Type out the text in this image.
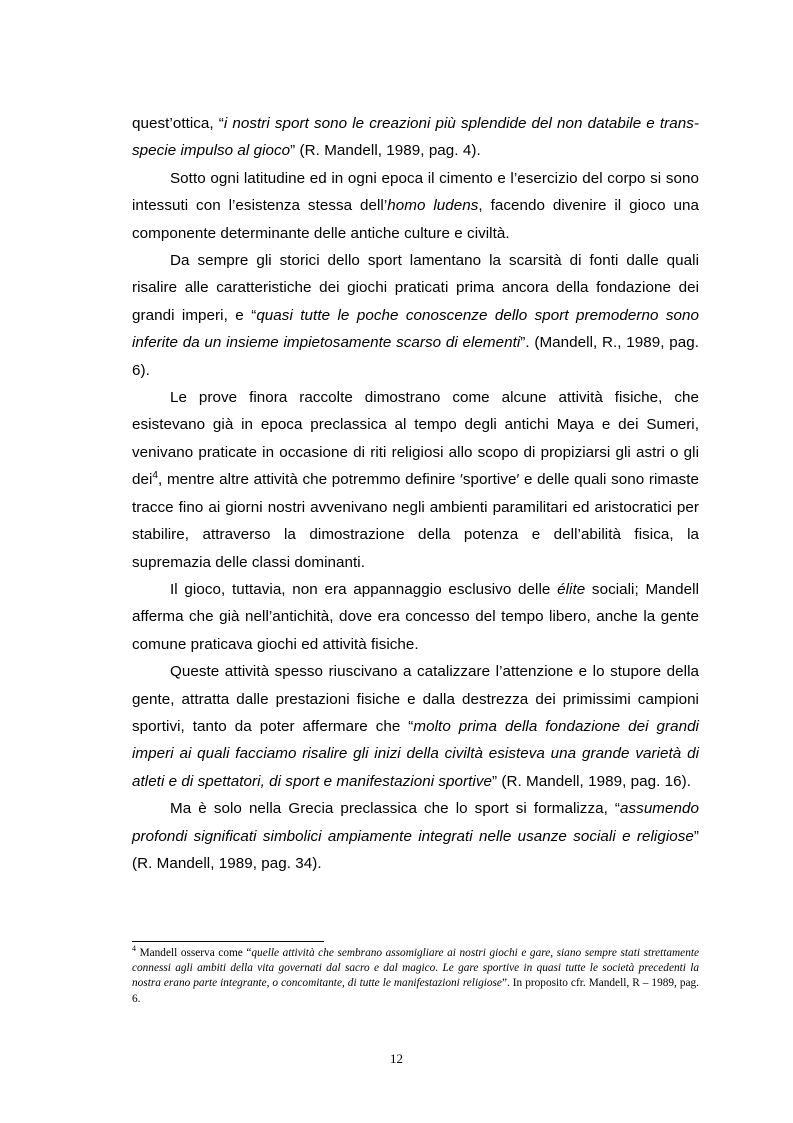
quest’ottica, “i nostri sport sono le creazioni più splendide del non databile e trans-specie impulso al gioco” (R. Mandell, 1989, pag. 4).

Sotto ogni latitudine ed in ogni epoca il cimento e l’esercizio del corpo si sono intessuti con l’esistenza stessa dell’homo ludens, facendo divenire il gioco una componente determinante delle antiche culture e civiltà.

Da sempre gli storici dello sport lamentano la scarsità di fonti dalle quali risalire alle caratteristiche dei giochi praticati prima ancora della fondazione dei grandi imperi, e “quasi tutte le poche conoscenze dello sport premoderno sono inferite da un insieme impietosamente scarso di elementi”. (Mandell, R., 1989, pag. 6).

Le prove finora raccolte dimostrano come alcune attività fisiche, che esistevano già in epoca preclassica al tempo degli antichi Maya e dei Sumeri, venivano praticate in occasione di riti religiosi allo scopo di propiziarsi gli astri o gli dei$^4$, mentre altre attività che potremmo definire ′sportive′ e delle quali sono rimaste tracce fino ai giorni nostri avvenivano negli ambienti paramilitari ed aristocratici per stabilire, attraverso la dimostrazione della potenza e dell’abilità fisica, la supremazia delle classi dominanti.

Il gioco, tuttavia, non era appannaggio esclusivo delle élite sociali; Mandell afferma che già nell’antichità, dove era concesso del tempo libero, anche la gente comune praticava giochi ed attività fisiche.

Queste attività spesso riuscivano a catalizzare l’attenzione e lo stupore della gente, attratta dalle prestazioni fisiche e dalla destrezza dei primissimi campioni sportivi, tanto da poter affermare che “molto prima della fondazione dei grandi imperi ai quali facciamo risalire gli inizi della civiltà esisteva una grande varietà di atleti e di spettatori, di sport e manifestazioni sportive” (R. Mandell, 1989, pag. 16).

Ma è solo nella Grecia preclassica che lo sport si formalizza, “assumendo profondi significati simbolici ampiamente integrati nelle usanze sociali e religiose” (R. Mandell, 1989, pag. 34).

$^4$ Mandell osserva come “quelle attività che sembrano assomigliare ai nostri giochi e gare, siano sempre stati strettamente connessi agli ambiti della vita governati dal sacro e dal magico. Le gare sportive in quasi tutte le società precedenti la nostra erano parte integrante, o concomitante, di tutte le manifestazioni religiose”. In proposito cfr. Mandell, R – 1989, pag. 6.

12
